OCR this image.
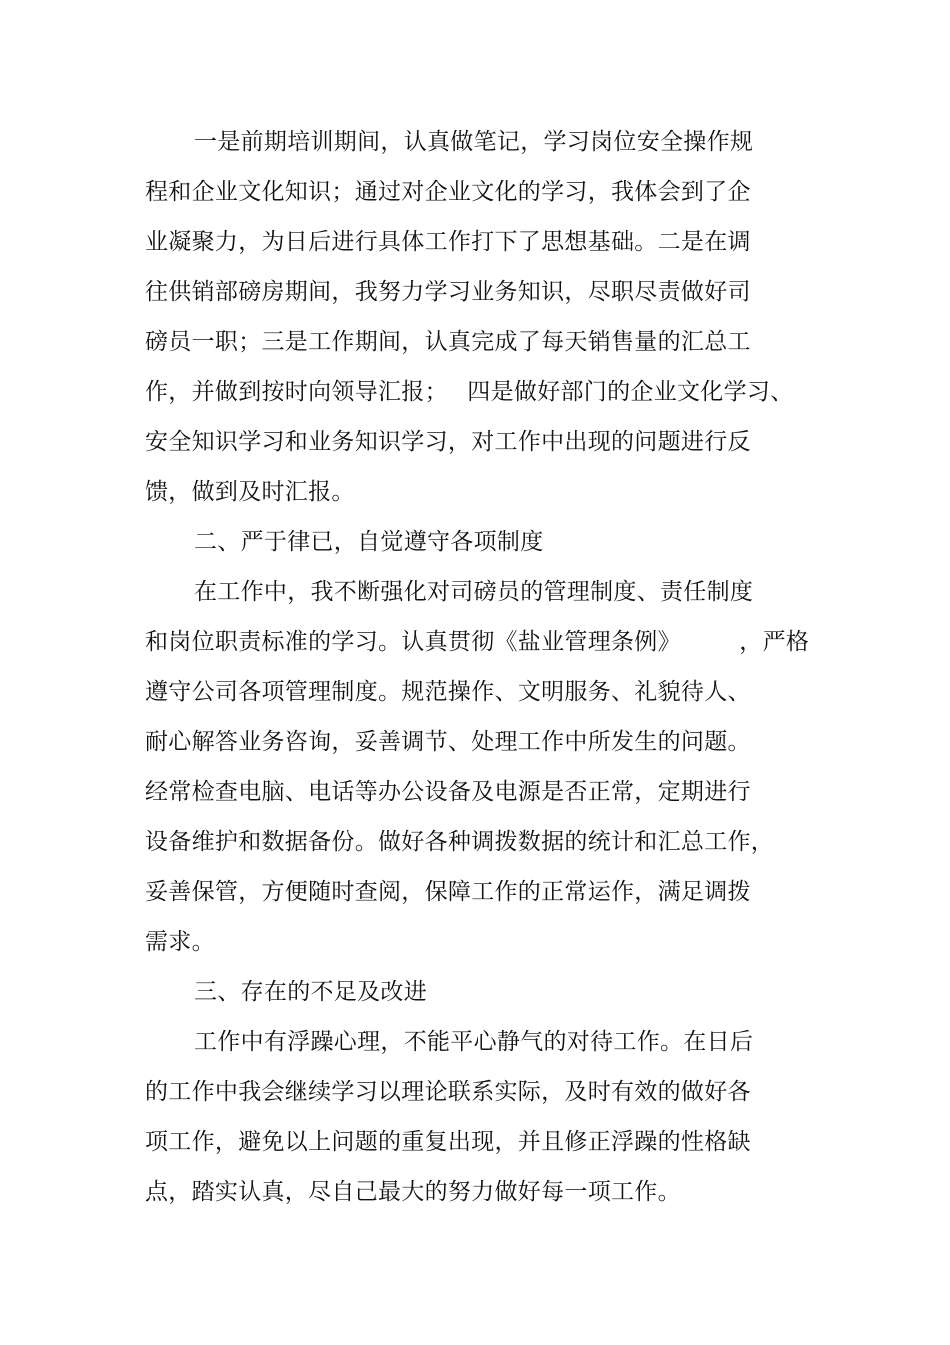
一是前期培训期间，认真做笔记，学习岗位安全操作规
程和企业文化知识；通过对企业文化的学习，我体会到了企
业凝聚力，为日后进行具体工作打下了思想基础。二是在调
往供销部磅房期间，我努力学习业务知识，尽职尽责做好司
磅员一职；三是工作期间，认真完成了每天销售量的汇总工
作，并做到按时向领导汇报；　 四是做好部门的企业文化学习、
安全知识学习和业务知识学习，对工作中出现的问题进行反
馈，做到及时汇报。
二、严于律已，自觉遵守各项制度
在工作中，我不断强化对司磅员的管理制度、责任制度
和岗位职责标准的学习。认真贯彻《盐业管理条例》　　　，严格
遵守公司各项管理制度。规范操作、文明服务、礼貌待人、
耐心解答业务咨询，妥善调节、处理工作中所发生的问题。
经常检查电脑、电话等办公设备及电源是否正常，定期进行
设备维护和数据备份。做好各种调拨数据的统计和汇总工作，
妥善保管，方便随时查阅，保障工作的正常运作，满足调拨
需求。
三、存在的不足及改进
工作中有浮躁心理，不能平心静气的对待工作。在日后
的工作中我会继续学习以理论联系实际，及时有效的做好各
项工作，避免以上问题的重复出现，并且修正浮躁的性格缺
点，踏实认真，尽自己最大的努力做好每一项工作。
